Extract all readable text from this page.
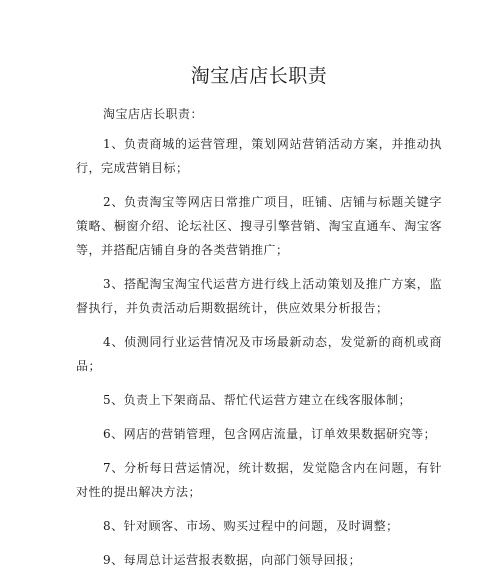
淘宝店店长职责

淘宝店店长职责：

1、负责商城的运营管理，策划网站营销活动方案，并推动执行，完成营销目标；
2、负责淘宝等网店日常推广项目，旺铺、店铺与标题关键字策略、橱窗介绍、论坛社区、搜寻引擎营销、淘宝直通车、淘宝客等，并搭配店铺自身的各类营销推广；
3、搭配淘宝淘宝代运营方进行线上活动策划及推广方案，监督执行，并负责活动后期数据统计，供应效果分析报告；
4、侦测同行业运营情况及市场最新动态，发觉新的商机或商品；
5、负责上下架商品、帮忙代运营方建立在线客服体制；
6、网店的营销管理，包含网店流量，订单效果数据研究等；
7、分析每日营运情况，统计数据，发觉隐含内在问题，有针对性的提出解决方法；
8、针对顾客、市场、购买过程中的问题，及时调整；
9、每周总计运营报表数据，向部门领导回报；
